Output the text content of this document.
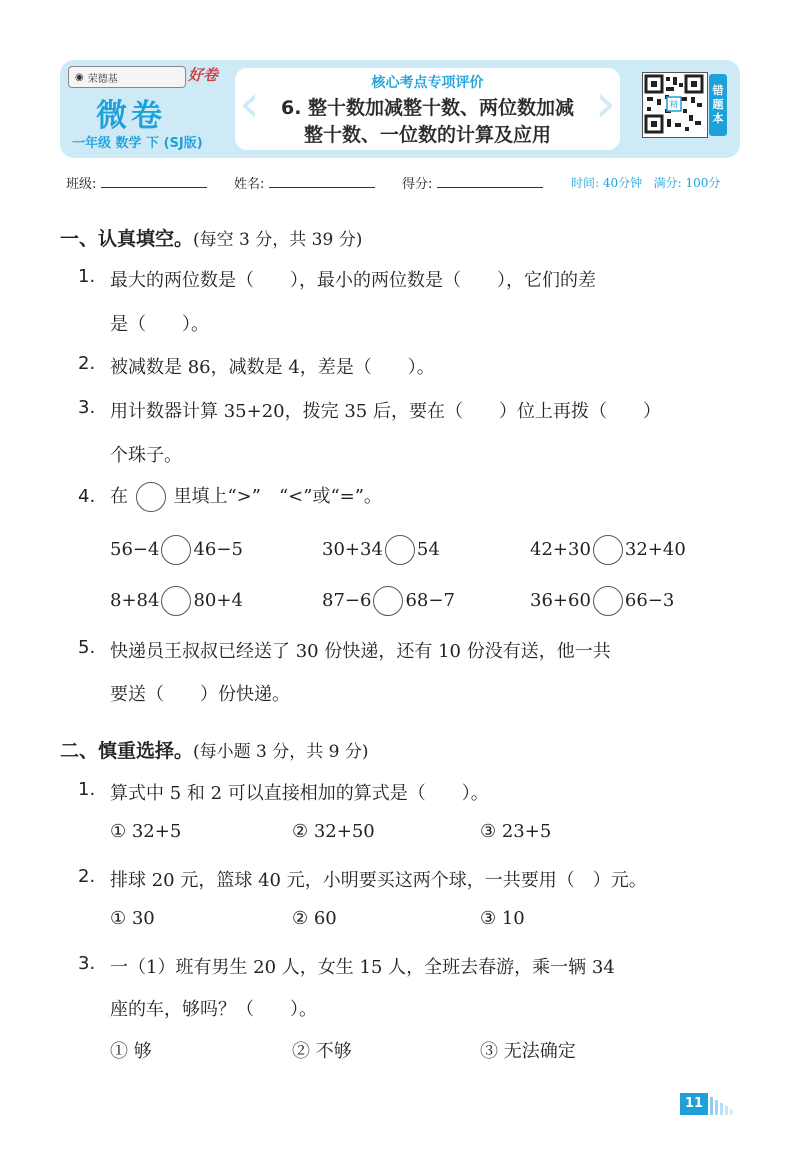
◉ 荣德基	好卷
微卷
一年级 数学 下 (SJ版)
‹	›
核心考点专项评价
6. 整十数加减整十数、两位数加减
整十数、一位数的计算及应用
精
错
题
本
班级:	姓名:	得分:	时间: 40分钟 满分: 100分
一、认真填空。(每空 3 分，共 39 分)
1. 最大的两位数是（　　），最小的两位数是（　　），它们的差
是（　　）。
2. 被减数是 86，减数是 4，差是（　　）。
3. 用计数器计算 35+20，拨完 35 后，要在（　　）位上再拨（　　）
个珠子。
4. 在	里填上“>”　“<”或“=”。
56−4 46−5	30+34 54	42+30 32+40
8+84 80+4	87−6 68−7	36+60 66−3
5. 快递员王叔叔已经送了 30 份快递，还有 10 份没有送，他一共
要送（　　）份快递。
二、慎重选择。(每小题 3 分，共 9 分)
1. 算式中 5 和 2 可以直接相加的算式是（　　）。
① 32+5	② 32+50	③ 23+5
2. 排球 20 元，篮球 40 元，小明要买这两个球，一共要用（　）元。
① 30	② 60	③ 10
3. 一（1）班有男生 20 人，女生 15 人，全班去春游，乘一辆 34
座的车，够吗？（　　）。
① 够	② 不够	③ 无法确定
11
